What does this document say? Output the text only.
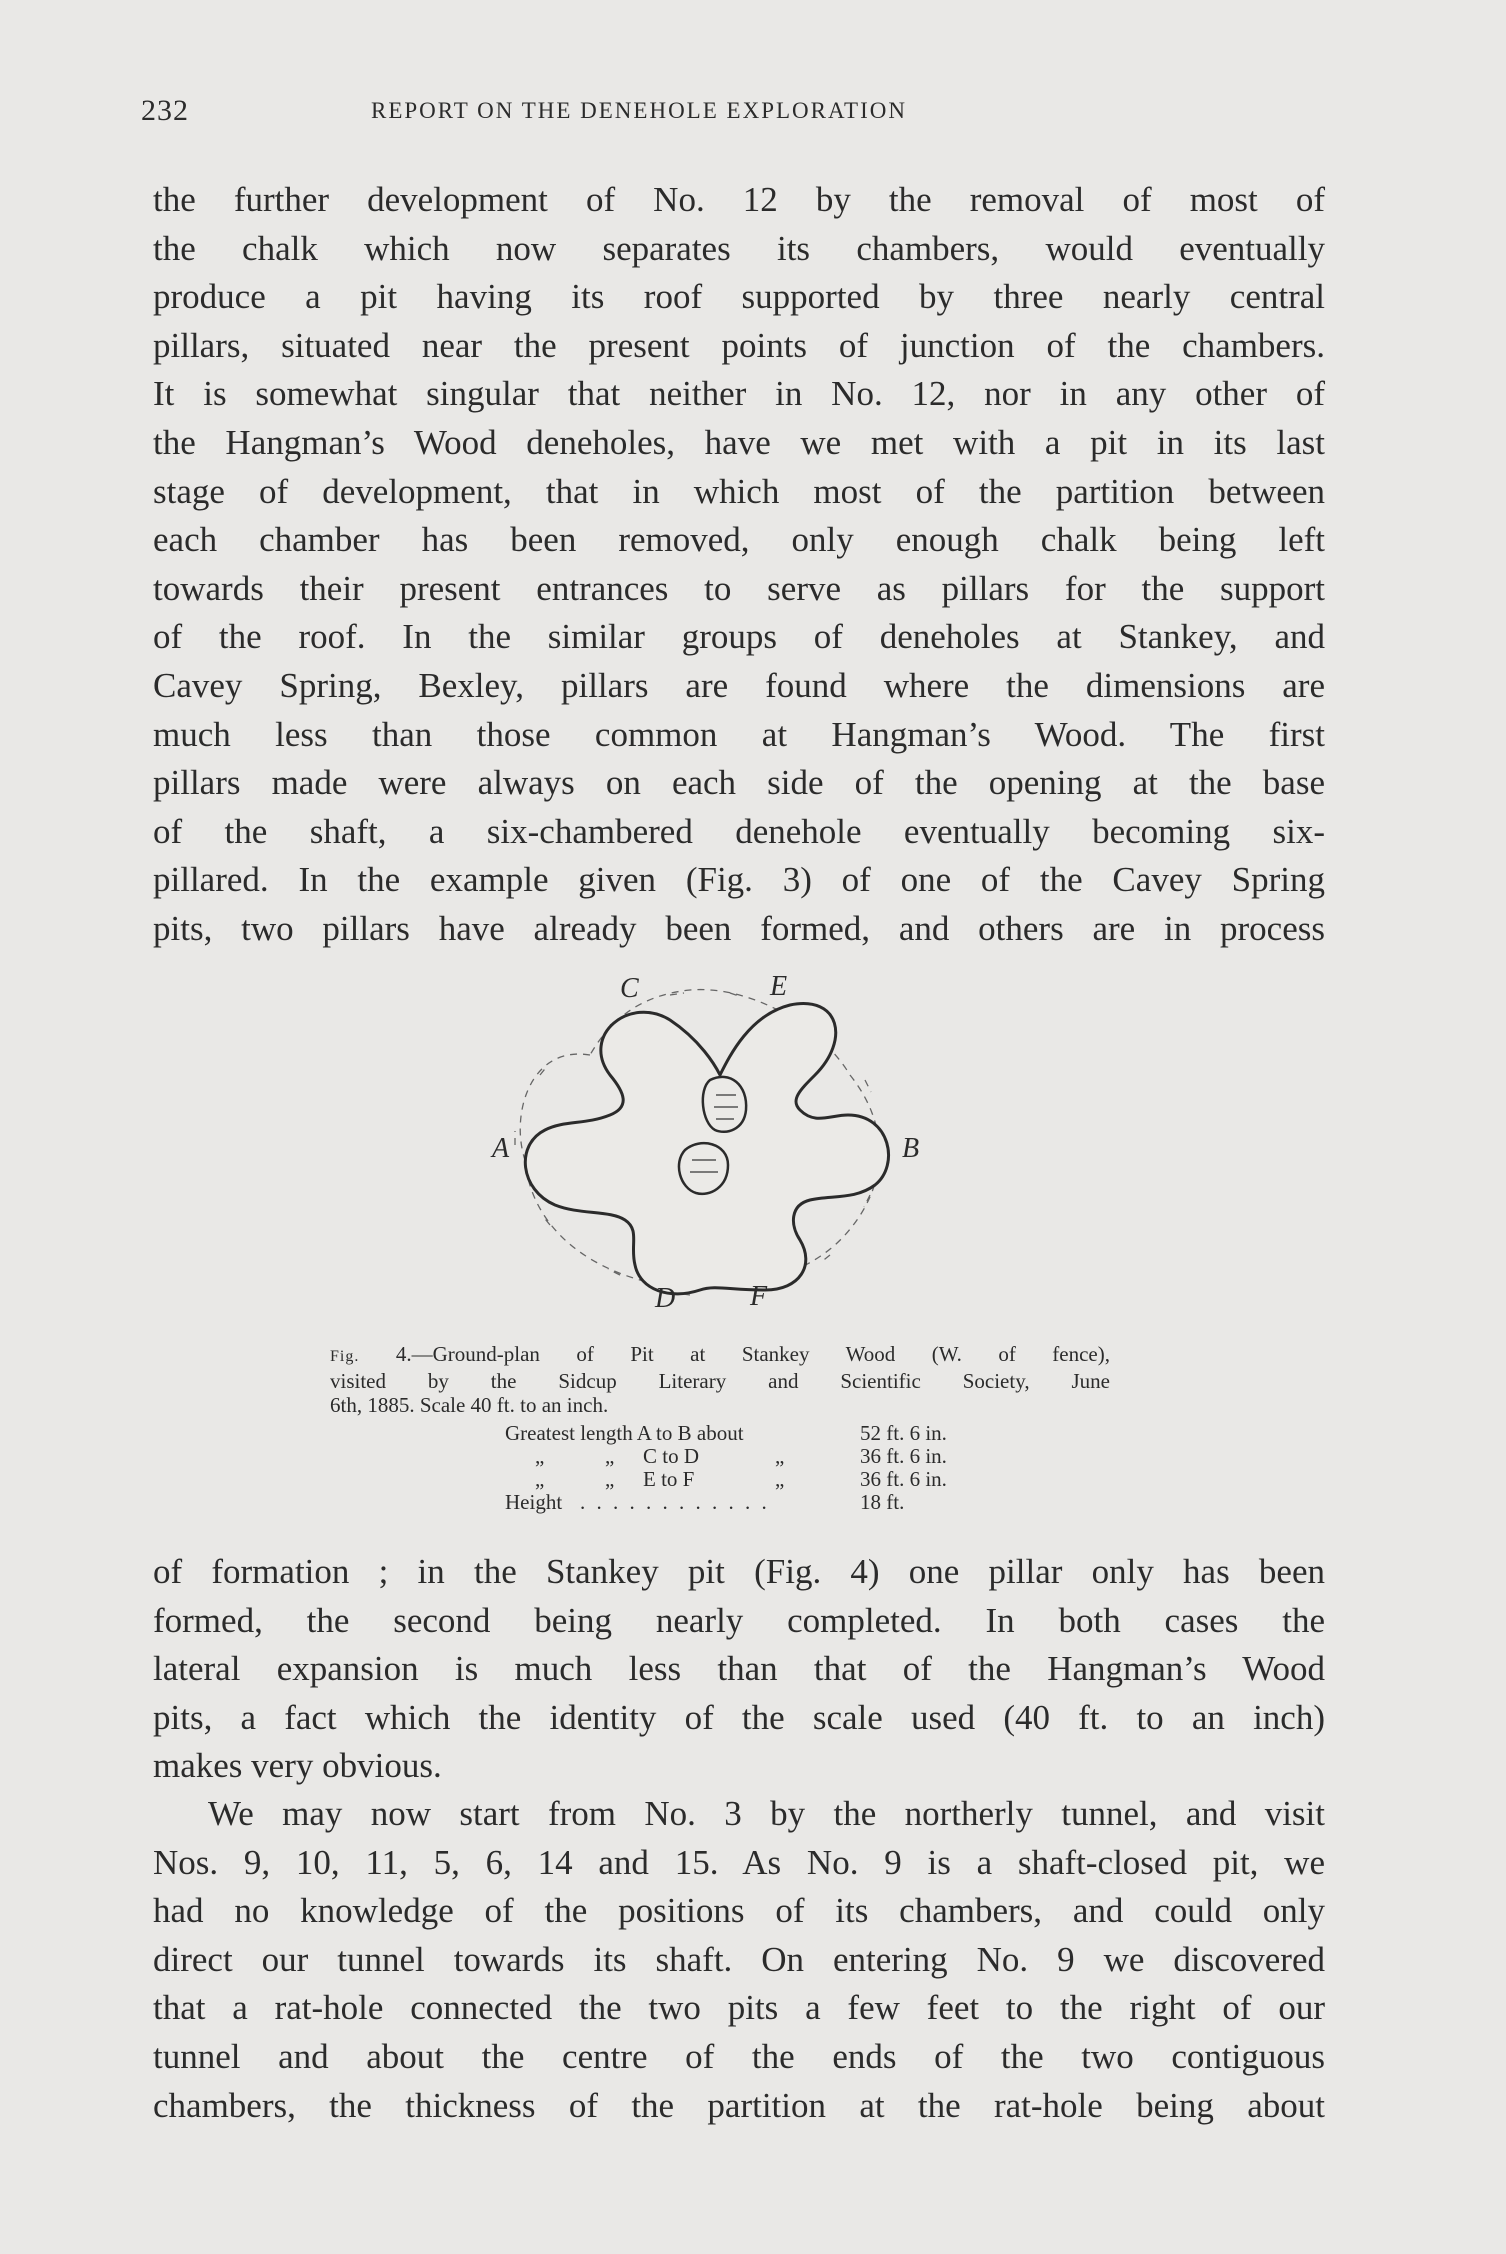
232	REPORT ON THE DENEHOLE EXPLORATION
the further development of No. 12 by the removal of most of
the chalk which now separates its chambers, would eventually
produce a pit having its roof supported by three nearly central
pillars, situated near the present points of junction of the chambers.
It is somewhat singular that neither in No. 12, nor in any other of
the Hangman’s Wood deneholes, have we met with a pit in its last
stage of development, that in which most of the partition between
each chamber has been removed, only enough chalk being left
towards their present entrances to serve as pillars for the support
of the roof. In the similar groups of deneholes at Stankey, and
Cavey Spring, Bexley, pillars are found where the dimensions are
much less than those common at Hangman’s Wood. The first
pillars made were always on each side of the opening at the base
of the shaft, a six-chambered denehole eventually becoming six-
pillared. In the example given (Fig. 3) of one of the Cavey Spring
pits, two pillars have already been formed, and others are in process
C	E
A	B
D	F
Fig. 4.—Ground-plan of Pit at Stankey Wood (W. of fence),
visited by the Sidcup Literary and Scientific Society, June
6th, 1885. Scale 40 ft. to an inch.
Greatest length A to B about	52 ft. 6 in.
„	„ C to D	„	36 ft. 6 in.
„	„ E to F	„	36 ft. 6 in.
Height . . . . . . . . . . . .	18 ft.
of formation ; in the Stankey pit (Fig. 4) one pillar only has been
formed, the second being nearly completed. In both cases the
lateral expansion is much less than that of the Hangman’s Wood
pits, a fact which the identity of the scale used (40 ft. to an inch)
makes very obvious.
We may now start from No. 3 by the northerly tunnel, and visit
Nos. 9, 10, 11, 5, 6, 14 and 15. As No. 9 is a shaft-closed pit, we
had no knowledge of the positions of its chambers, and could only
direct our tunnel towards its shaft. On entering No. 9 we discovered
that a rat-hole connected the two pits a few feet to the right of our
tunnel and about the centre of the ends of the two contiguous
chambers, the thickness of the partition at the rat-hole being about
